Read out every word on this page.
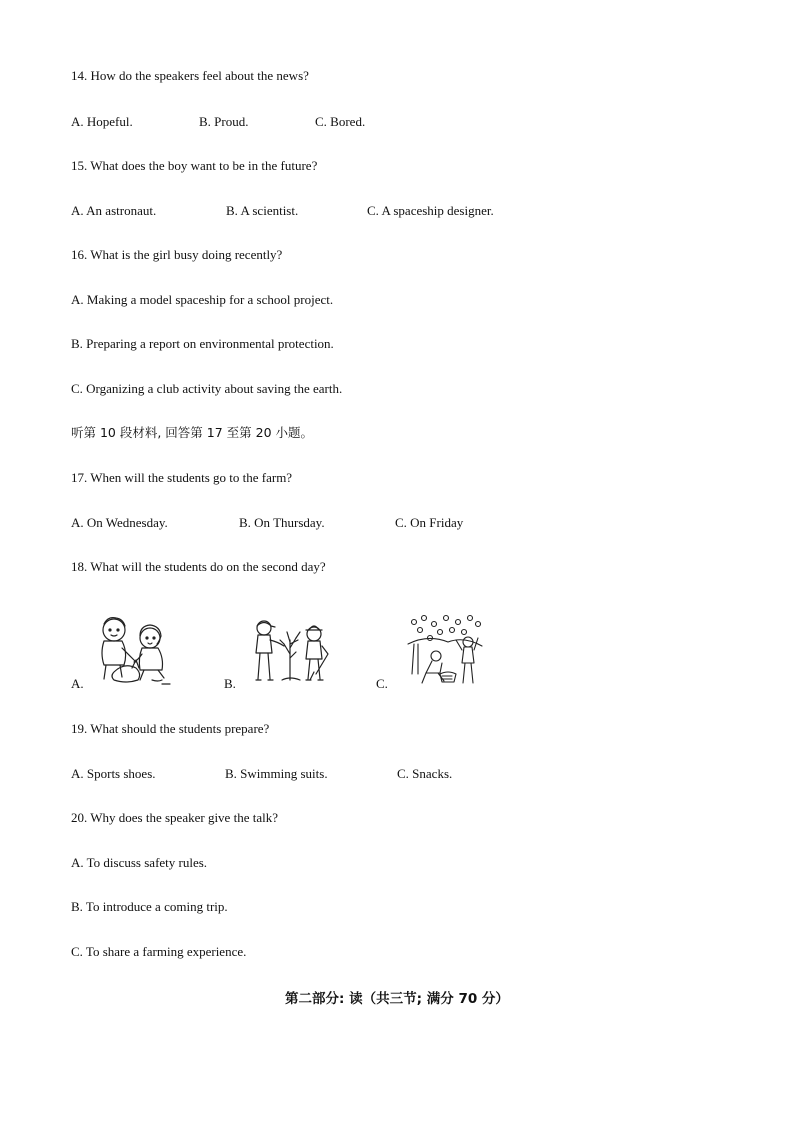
14. How do the speakers feel about the news?
A. Hopeful.	B. Proud.	C. Bored.
15. What does the boy want to be in the future?
A. An astronaut.	B. A scientist.	C. A spaceship designer.
16. What is the girl busy doing recently?
A. Making a model spaceship for a school project.
B. Preparing a report on environmental protection.
C. Organizing a club activity about saving the earth.
听第 10 段材料, 回答第 17 至第 20 小题。
17. When will the students go to the farm?
A. On Wednesday.	B. On Thursday.	C. On Friday
18. What will the students do on the second day?
A.	B.	C.
19. What should the students prepare?
A. Sports shoes.	B. Swimming suits.	C. Snacks.
20. Why does the speaker give the talk?
A. To discuss safety rules.
B. To introduce a coming trip.
C. To share a farming experience.
第二部分: 读（共三节; 满分 70 分）
